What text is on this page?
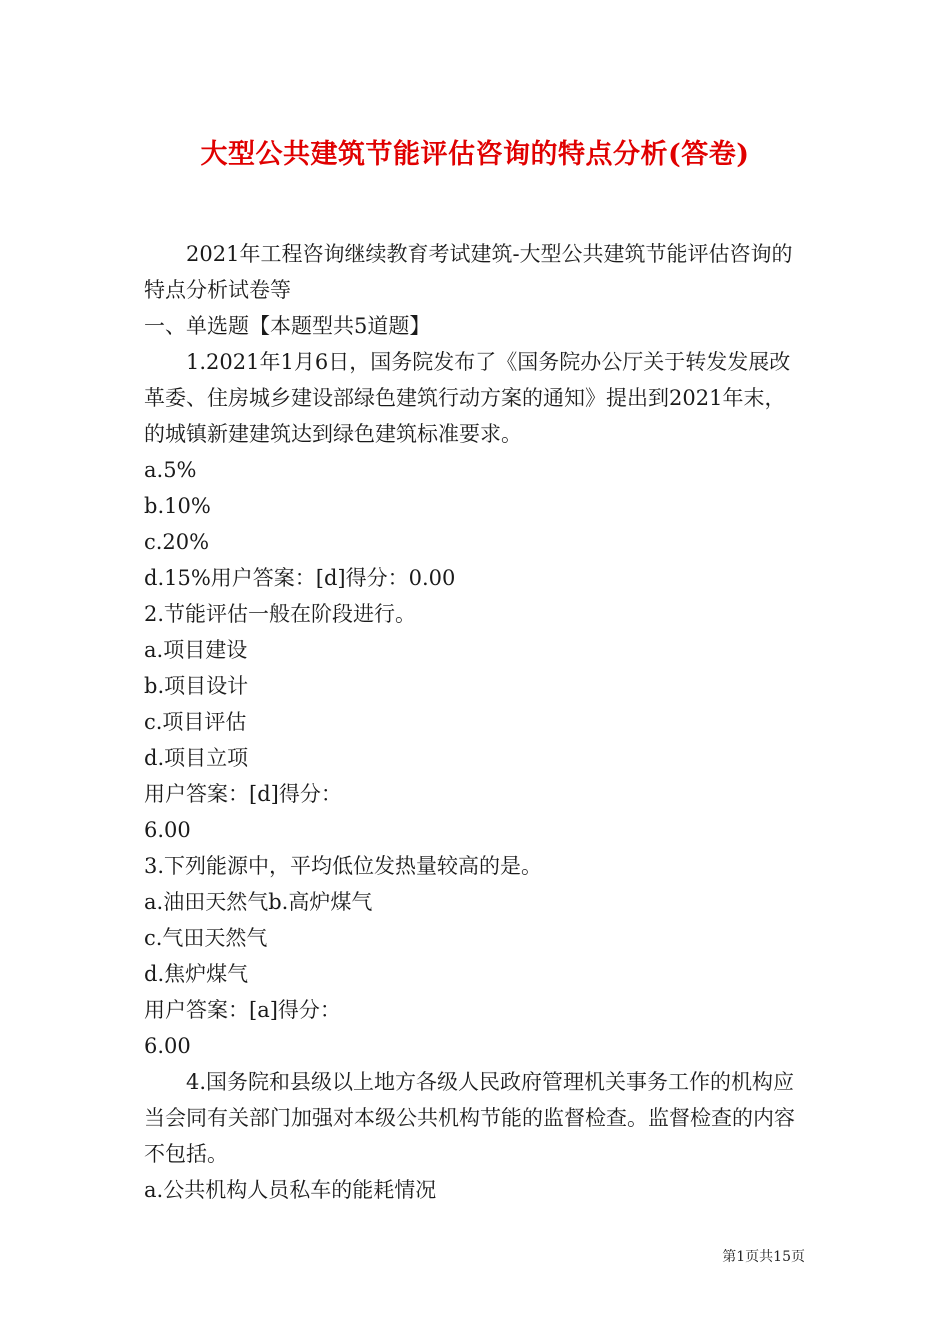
大型公共建筑节能评估咨询的特点分析(答卷)

2021年工程咨询继续教育考试建筑-大型公共建筑节能评估咨询的特点分析试卷等

一、单选题【本题型共5道题】

1.2021年1月6日，国务院发布了《国务院办公厅关于转发发展改革委、住房城乡建设部绿色建筑行动方案的通知》提出到2021年末，的城镇新建建筑达到绿色建筑标准要求。

a.5%

b.10%

c.20%

d.15%用户答案：[d]得分：0.00

2.节能评估一般在阶段进行。

a.项目建设

b.项目设计

c.项目评估

d.项目立项

用户答案：[d]得分：

6.00

3.下列能源中，平均低位发热量较高的是。

a.油田天然气b.高炉煤气

c.气田天然气

d.焦炉煤气

用户答案：[a]得分：

6.00

4.国务院和县级以上地方各级人民政府管理机关事务工作的机构应当会同有关部门加强对本级公共机构节能的监督检查。监督检查的内容不包括。

a.公共机构人员私车的能耗情况

第1页共15页
